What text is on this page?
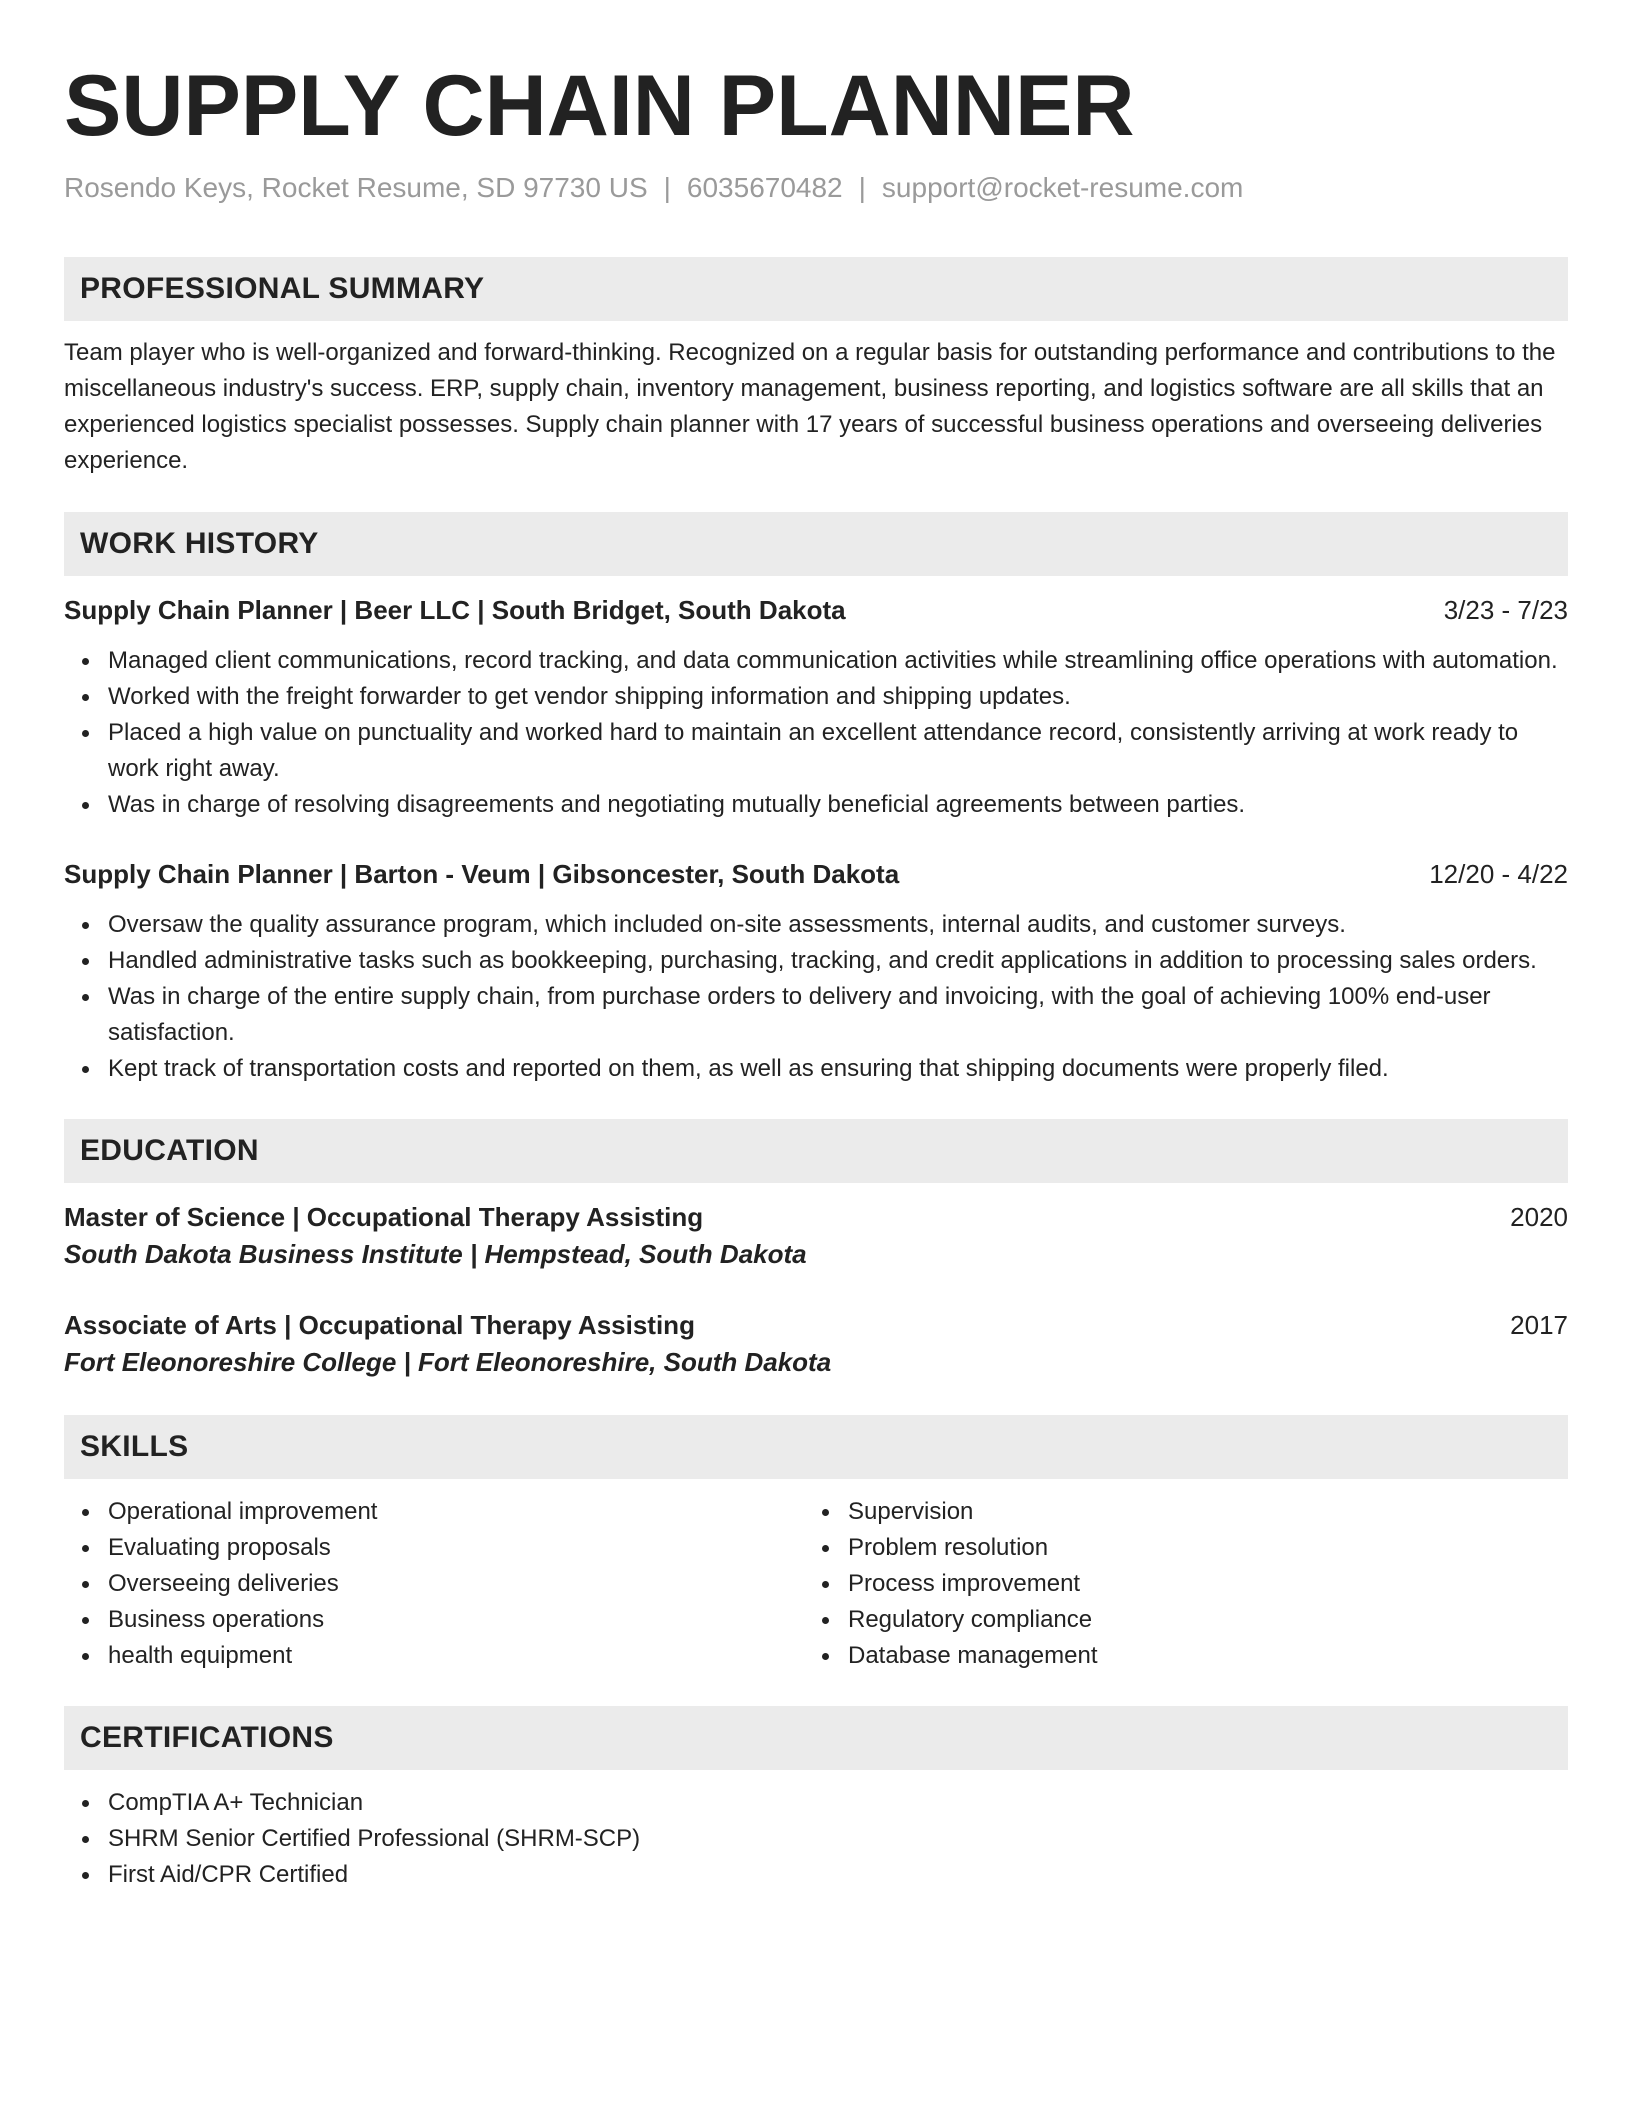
SUPPLY CHAIN PLANNER
Rosendo Keys, Rocket Resume, SD 97730 US | 6035670482 | support@rocket-resume.com
PROFESSIONAL SUMMARY
Team player who is well-organized and forward-thinking. Recognized on a regular basis for outstanding performance and contributions to the miscellaneous industry's success. ERP, supply chain, inventory management, business reporting, and logistics software are all skills that an experienced logistics specialist possesses. Supply chain planner with 17 years of successful business operations and overseeing deliveries experience.
WORK HISTORY
Supply Chain Planner | Beer LLC | South Bridget, South Dakota	3/23 - 7/23
Managed client communications, record tracking, and data communication activities while streamlining office operations with automation.
Worked with the freight forwarder to get vendor shipping information and shipping updates.
Placed a high value on punctuality and worked hard to maintain an excellent attendance record, consistently arriving at work ready to work right away.
Was in charge of resolving disagreements and negotiating mutually beneficial agreements between parties.
Supply Chain Planner | Barton - Veum | Gibsoncester, South Dakota	12/20 - 4/22
Oversaw the quality assurance program, which included on-site assessments, internal audits, and customer surveys.
Handled administrative tasks such as bookkeeping, purchasing, tracking, and credit applications in addition to processing sales orders.
Was in charge of the entire supply chain, from purchase orders to delivery and invoicing, with the goal of achieving 100% end-user satisfaction.
Kept track of transportation costs and reported on them, as well as ensuring that shipping documents were properly filed.
EDUCATION
Master of Science | Occupational Therapy Assisting	2020
South Dakota Business Institute | Hempstead, South Dakota
Associate of Arts | Occupational Therapy Assisting	2017
Fort Eleonoreshire College | Fort Eleonoreshire, South Dakota
SKILLS
Operational improvement
Evaluating proposals
Overseeing deliveries
Business operations
health equipment
Supervision
Problem resolution
Process improvement
Regulatory compliance
Database management
CERTIFICATIONS
CompTIA A+ Technician
SHRM Senior Certified Professional (SHRM-SCP)
First Aid/CPR Certified
